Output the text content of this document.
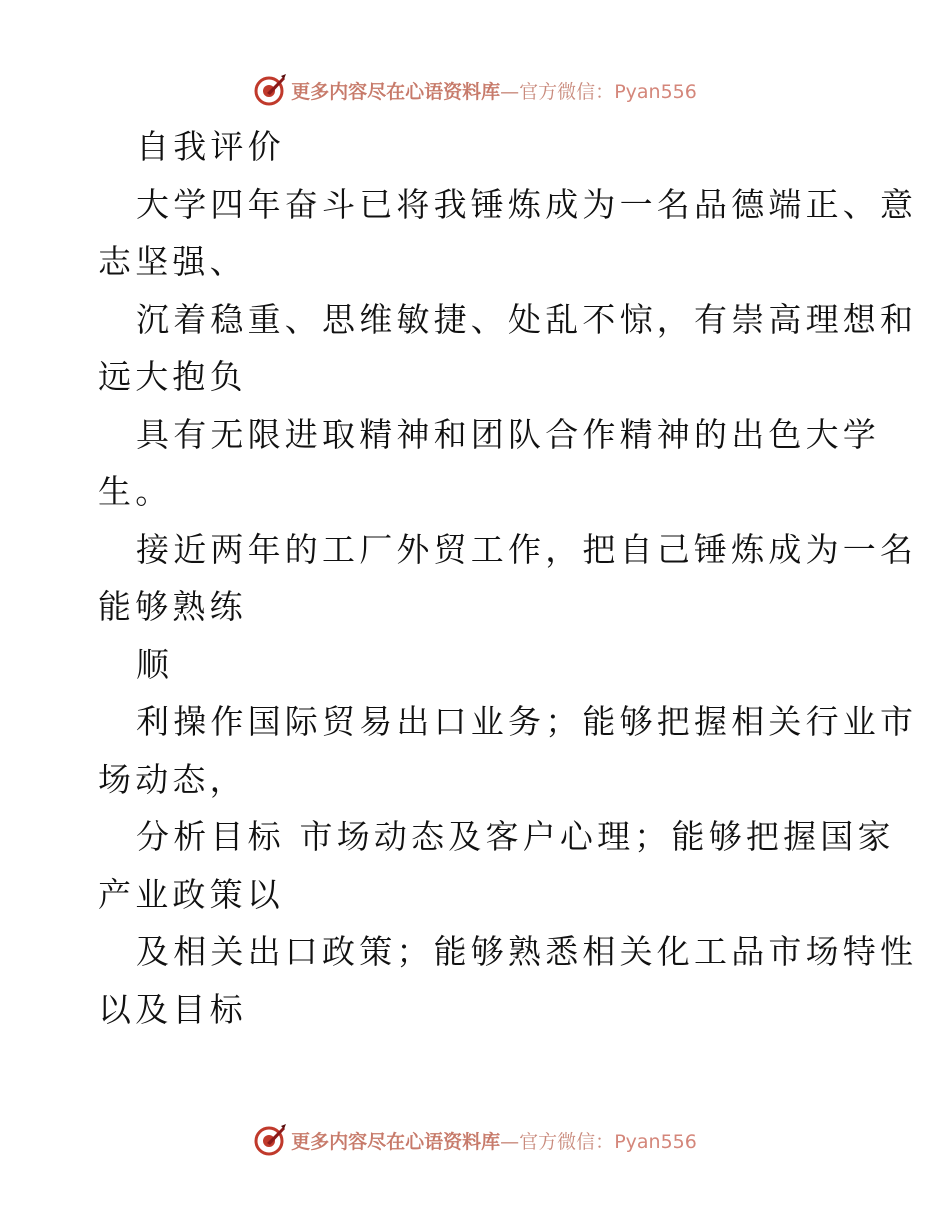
更多内容尽在心语资料库—官方微信：Pyan556
自我评价
大学四年奋斗已将我锤炼成为一名品德端正、意
志坚强、
沉着稳重、思维敏捷、处乱不惊，有崇高理想和
远大抱负
具有无限进取精神和团队合作精神的出色大学
生。
接近两年的工厂外贸工作，把自己锤炼成为一名
能够熟练
顺
利操作国际贸易出口业务；能够把握相关行业市
场动态，
分析目标 市场动态及客户心理；能够把握国家
产业政策以
及相关出口政策；能够熟悉相关化工品市场特性
以及目标
更多内容尽在心语资料库—官方微信：Pyan556
